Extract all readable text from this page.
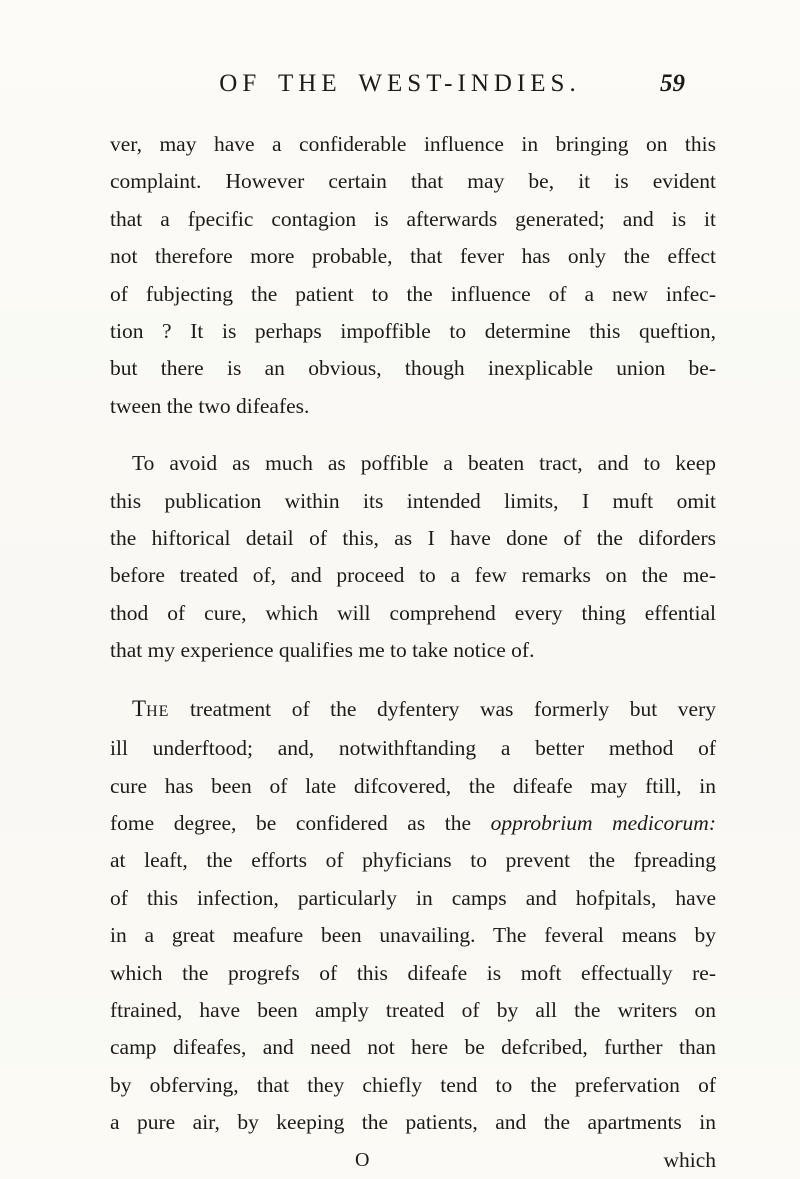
OF THE WEST-INDIES.	59
ver, may have a confiderable influence in bringing on this
complaint. However certain that may be, it is evident
that a fpecific contagion is afterwards generated; and is it
not therefore more probable, that fever has only the effect
of fubjecting the patient to the influence of a new infec-
tion ? It is perhaps impoffible to determine this queftion,
but there is an obvious, though inexplicable union be-
tween the two difeafes.
To avoid as much as poffible a beaten tract, and to keep
this publication within its intended limits, I muft omit
the hiftorical detail of this, as I have done of the diforders
before treated of, and proceed to a few remarks on the me-
thod of cure, which will comprehend every thing effential
that my experience qualifies me to take notice of.
THE treatment of the dyfentery was formerly but very
ill underftood; and, notwithftanding a better method of
cure has been of late difcovered, the difeafe may ftill, in
fome degree, be confidered as the opprobrium medicorum:
at leaft, the efforts of phyficians to prevent the fpreading
of this infection, particularly in camps and hofpitals, have
in a great meafure been unavailing. The feveral means by
which the progrefs of this difeafe is moft effectually re-
ftrained, have been amply treated of by all the writers on
camp difeafes, and need not here be defcribed, further than
by obferving, that they chiefly tend to the prefervation of
a pure air, by keeping the patients, and the apartments in
O	which
